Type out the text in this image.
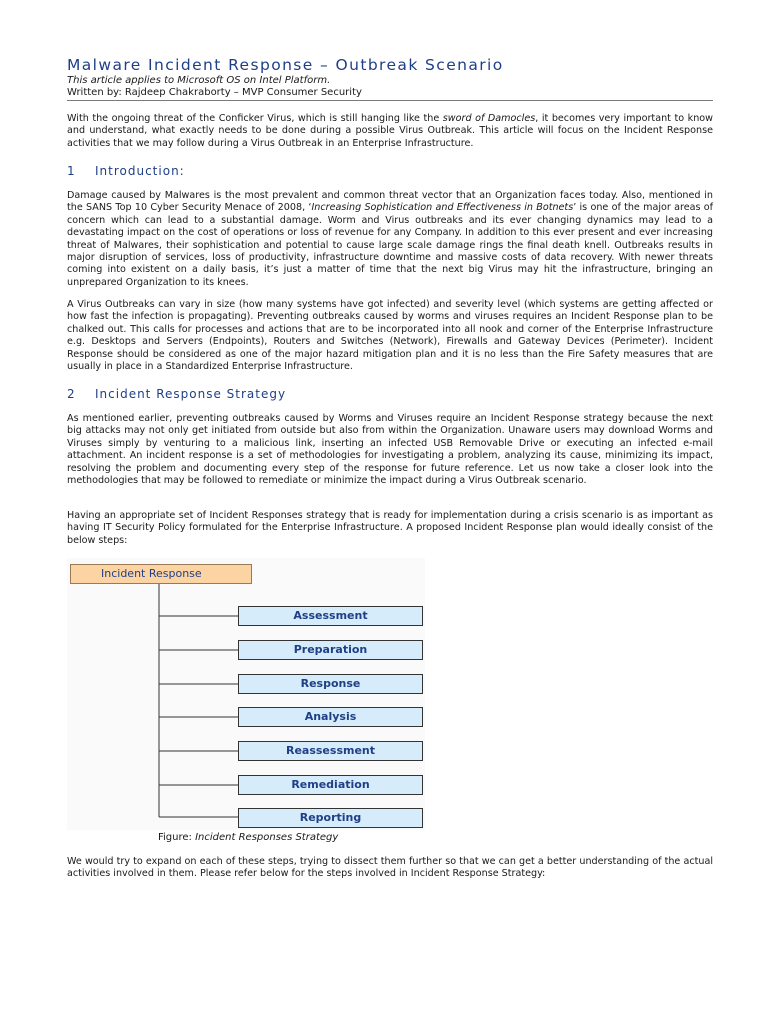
Malware Incident Response – Outbreak Scenario
This article applies to Microsoft OS on Intel Platform.
Written by: Rajdeep Chakraborty – MVP Consumer Security

With the ongoing threat of the Conficker Virus, which is still hanging like the sword of Damocles, it becomes very important to know and understand, what exactly needs to be done during a possible Virus Outbreak. This article will focus on the Incident Response activities that we may follow during a Virus Outbreak in an Enterprise Infrastructure.

1 Introduction:

Damage caused by Malwares is the most prevalent and common threat vector that an Organization faces today. Also, mentioned in the SANS Top 10 Cyber Security Menace of 2008, ‘Increasing Sophistication and Effectiveness in Botnets’ is one of the major areas of concern which can lead to a substantial damage. Worm and Virus outbreaks and its ever changing dynamics may lead to a devastating impact on the cost of operations or loss of revenue for any Company. In addition to this ever present and ever increasing threat of Malwares, their sophistication and potential to cause large scale damage rings the final death knell. Outbreaks results in major disruption of services, loss of productivity, infrastructure downtime and massive costs of data recovery. With newer threats coming into existent on a daily basis, it’s just a matter of time that the next big Virus may hit the infrastructure, bringing an unprepared Organization to its knees.

A Virus Outbreaks can vary in size (how many systems have got infected) and severity level (which systems are getting affected or how fast the infection is propagating). Preventing outbreaks caused by worms and viruses requires an Incident Response plan to be chalked out. This calls for processes and actions that are to be incorporated into all nook and corner of the Enterprise Infrastructure e.g. Desktops and Servers (Endpoints), Routers and Switches (Network), Firewalls and Gateway Devices (Perimeter). Incident Response should be considered as one of the major hazard mitigation plan and it is no less than the Fire Safety measures that are usually in place in a Standardized Enterprise Infrastructure.

2 Incident Response Strategy

As mentioned earlier, preventing outbreaks caused by Worms and Viruses require an Incident Response strategy because the next big attacks may not only get initiated from outside but also from within the Organization. Unaware users may download Worms and Viruses simply by venturing to a malicious link, inserting an infected USB Removable Drive or executing an infected e-mail attachment. An incident response is a set of methodologies for investigating a problem, analyzing its cause, minimizing its impact, resolving the problem and documenting every step of the response for future reference. Let us now take a closer look into the methodologies that may be followed to remediate or minimize the impact during a Virus Outbreak scenario.

Having an appropriate set of Incident Responses strategy that is ready for implementation during a crisis scenario is as important as having IT Security Policy formulated for the Enterprise Infrastructure. A proposed Incident Response plan would ideally consist of the below steps:

We would try to expand on each of these steps, trying to dissect them further so that we can get a better understanding of the actual activities involved in them. Please refer below for the steps involved in Incident Response Strategy:

Incident Response
Assessment
Preparation
Response
Analysis
Reassessment
Remediation
Reporting
Figure: Incident Responses Strategy
